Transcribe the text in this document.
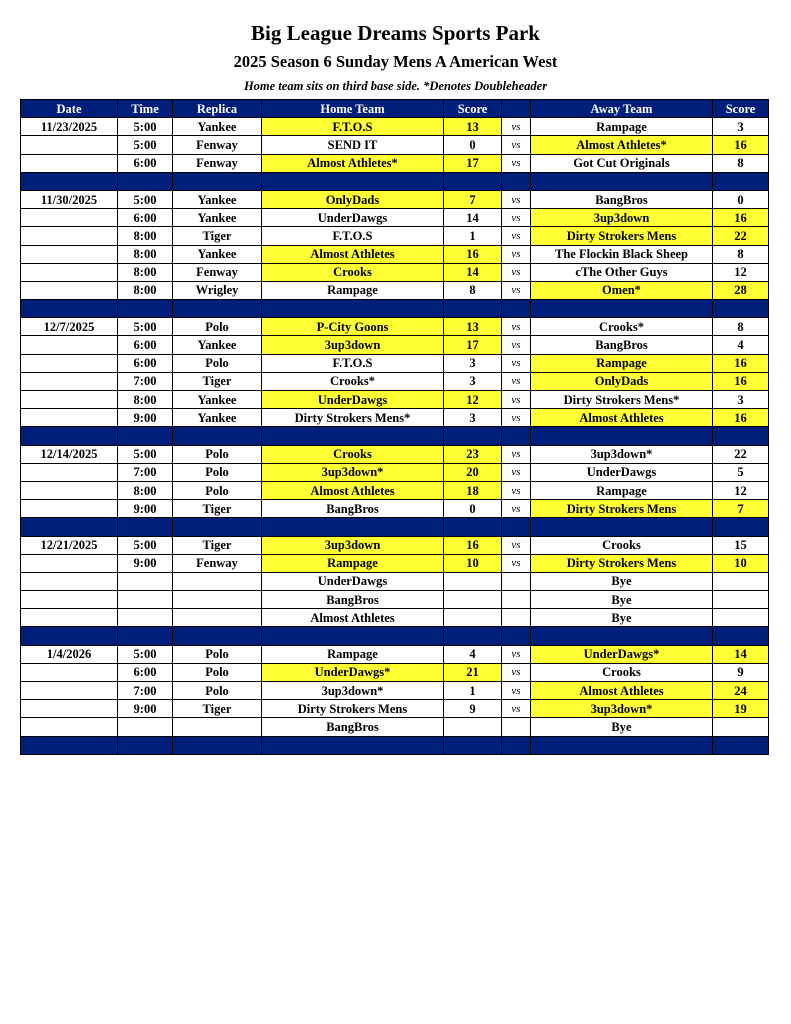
Big League Dreams Sports Park
2025 Season 6 Sunday Mens A American West
Home team sits on third base side. *Denotes Doubleheader
Date	Time	Replica	Home Team	Score		Away Team	Score
11/23/2025	5:00	Yankee	F.T.O.S	13	vs	Rampage	3
	5:00	Fenway	SEND IT	0	vs	Almost Athletes*	16
	6:00	Fenway	Almost Athletes*	17	vs	Got Cut Originals	8

11/30/2025	5:00	Yankee	OnlyDads	7	vs	BangBros	0
	6:00	Yankee	UnderDawgs	14	vs	3up3down	16
	8:00	Tiger	F.T.O.S	1	vs	Dirty Strokers Mens	22
	8:00	Yankee	Almost Athletes	16	vs	The Flockin Black Sheep	8
	8:00	Fenway	Crooks	14	vs	cThe Other Guys	12
	8:00	Wrigley	Rampage	8	vs	Omen*	28

12/7/2025	5:00	Polo	P-City Goons	13	vs	Crooks*	8
	6:00	Yankee	3up3down	17	vs	BangBros	4
	6:00	Polo	F.T.O.S	3	vs	Rampage	16
	7:00	Tiger	Crooks*	3	vs	OnlyDads	16
	8:00	Yankee	UnderDawgs	12	vs	Dirty Strokers Mens*	3
	9:00	Yankee	Dirty Strokers Mens*	3	vs	Almost Athletes	16

12/14/2025	5:00	Polo	Crooks	23	vs	3up3down*	22
	7:00	Polo	3up3down*	20	vs	UnderDawgs	5
	8:00	Polo	Almost Athletes	18	vs	Rampage	12
	9:00	Tiger	BangBros	0	vs	Dirty Strokers Mens	7

12/21/2025	5:00	Tiger	3up3down	16	vs	Crooks	15
	9:00	Fenway	Rampage	10	vs	Dirty Strokers Mens	10
			UnderDawgs			Bye	
			BangBros			Bye	
			Almost Athletes			Bye	

1/4/2026	5:00	Polo	Rampage	4	vs	UnderDawgs*	14
	6:00	Polo	UnderDawgs*	21	vs	Crooks	9
	7:00	Polo	3up3down*	1	vs	Almost Athletes	24
	9:00	Tiger	Dirty Strokers Mens	9	vs	3up3down*	19
			BangBros			Bye	
